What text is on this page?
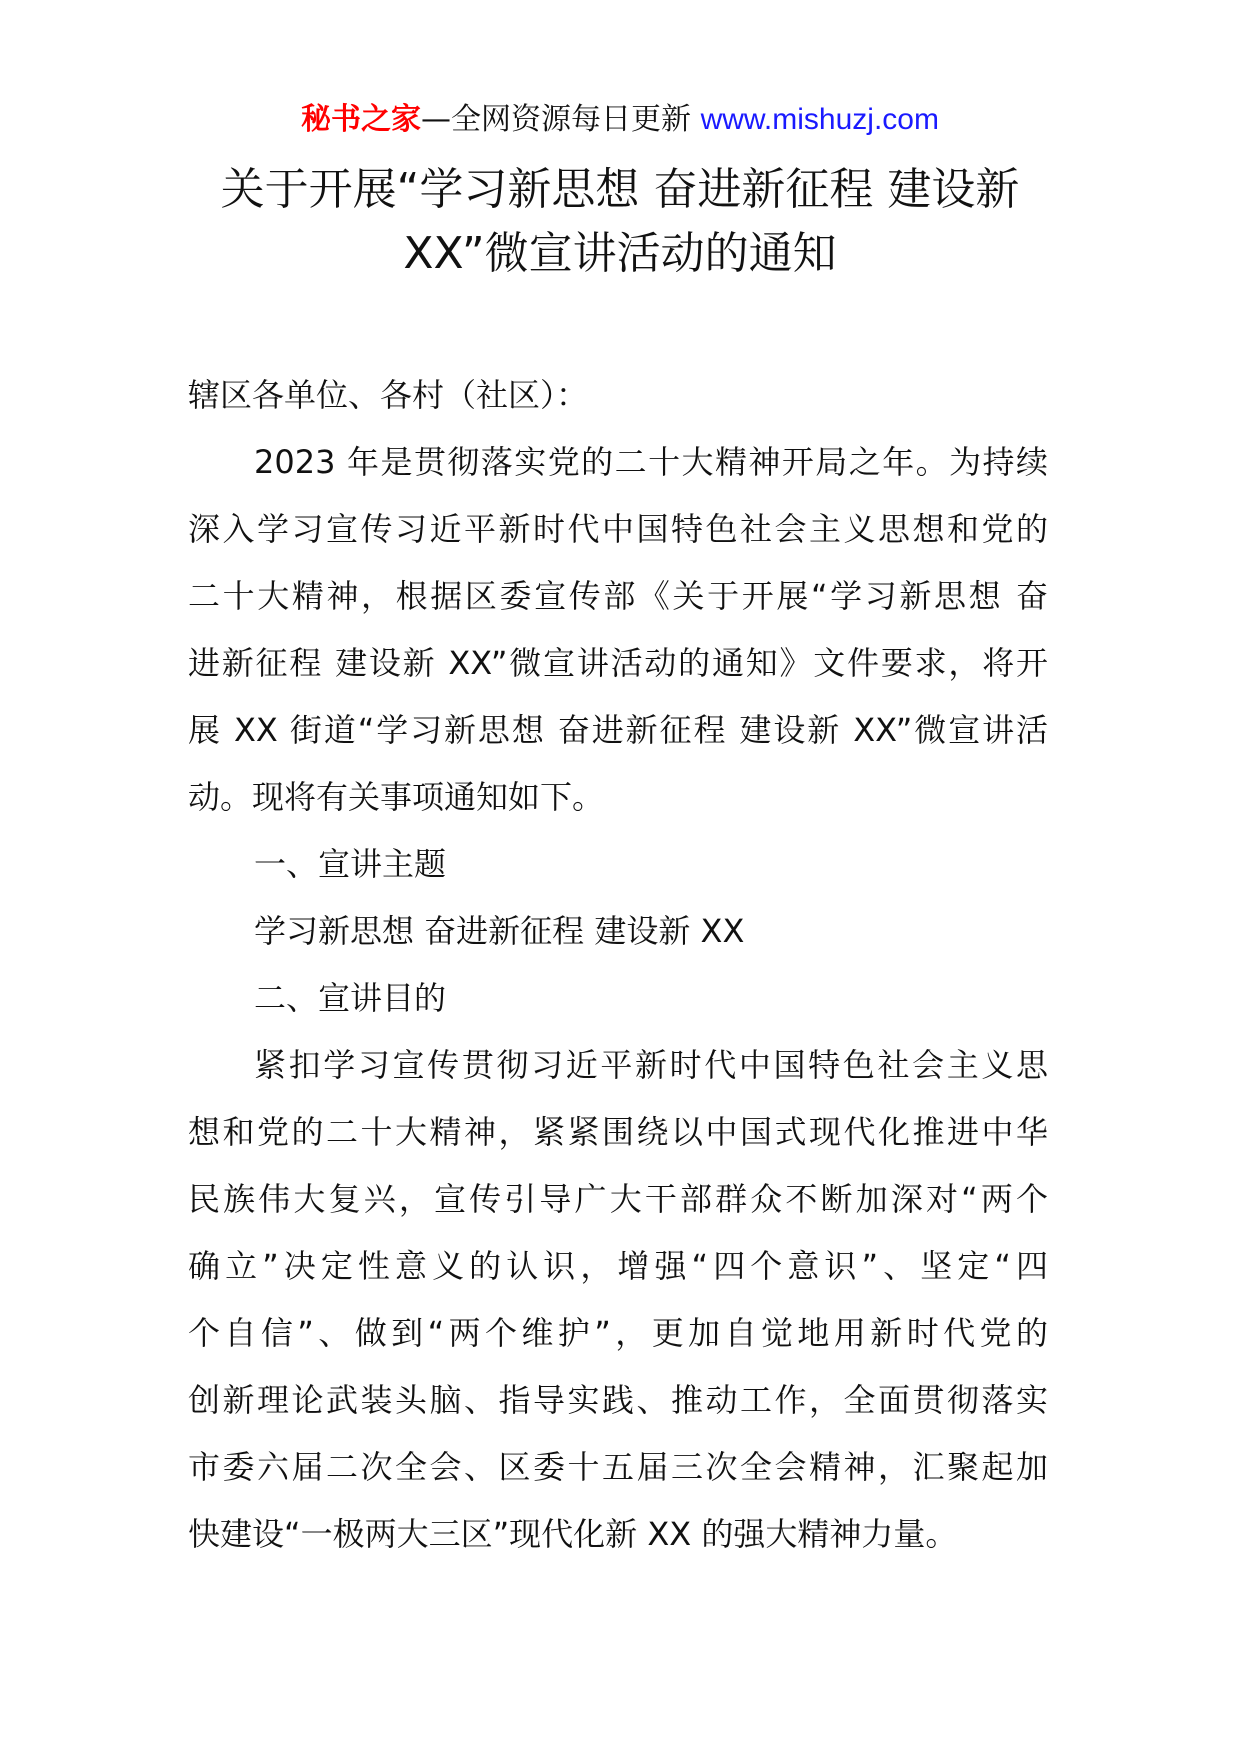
秘书之家—全网资源每日更新 www.mishuzj.com
关于开展“学习新思想 奋进新征程 建设新
XX”微宣讲活动的通知
辖区各单位、各村（社区）：
2023 年是贯彻落实党的二十大精神开局之年。为持续
深入学习宣传习近平新时代中国特色社会主义思想和党的
二十大精神，根据区委宣传部《关于开展“学习新思想 奋
进新征程 建设新 XX”微宣讲活动的通知》文件要求，将开
展 XX 街道“学习新思想 奋进新征程 建设新 XX”微宣讲活
动。现将有关事项通知如下。
一、宣讲主题
学习新思想 奋进新征程 建设新 XX
二、宣讲目的
紧扣学习宣传贯彻习近平新时代中国特色社会主义思
想和党的二十大精神，紧紧围绕以中国式现代化推进中华
民族伟大复兴，宣传引导广大干部群众不断加深对“两个
确立”决定性意义的认识，增强“四个意识”、坚定“四
个自信”、做到“两个维护”，更加自觉地用新时代党的
创新理论武装头脑、指导实践、推动工作，全面贯彻落实
市委六届二次全会、区委十五届三次全会精神，汇聚起加
快建设“一极两大三区”现代化新 XX 的强大精神力量。
